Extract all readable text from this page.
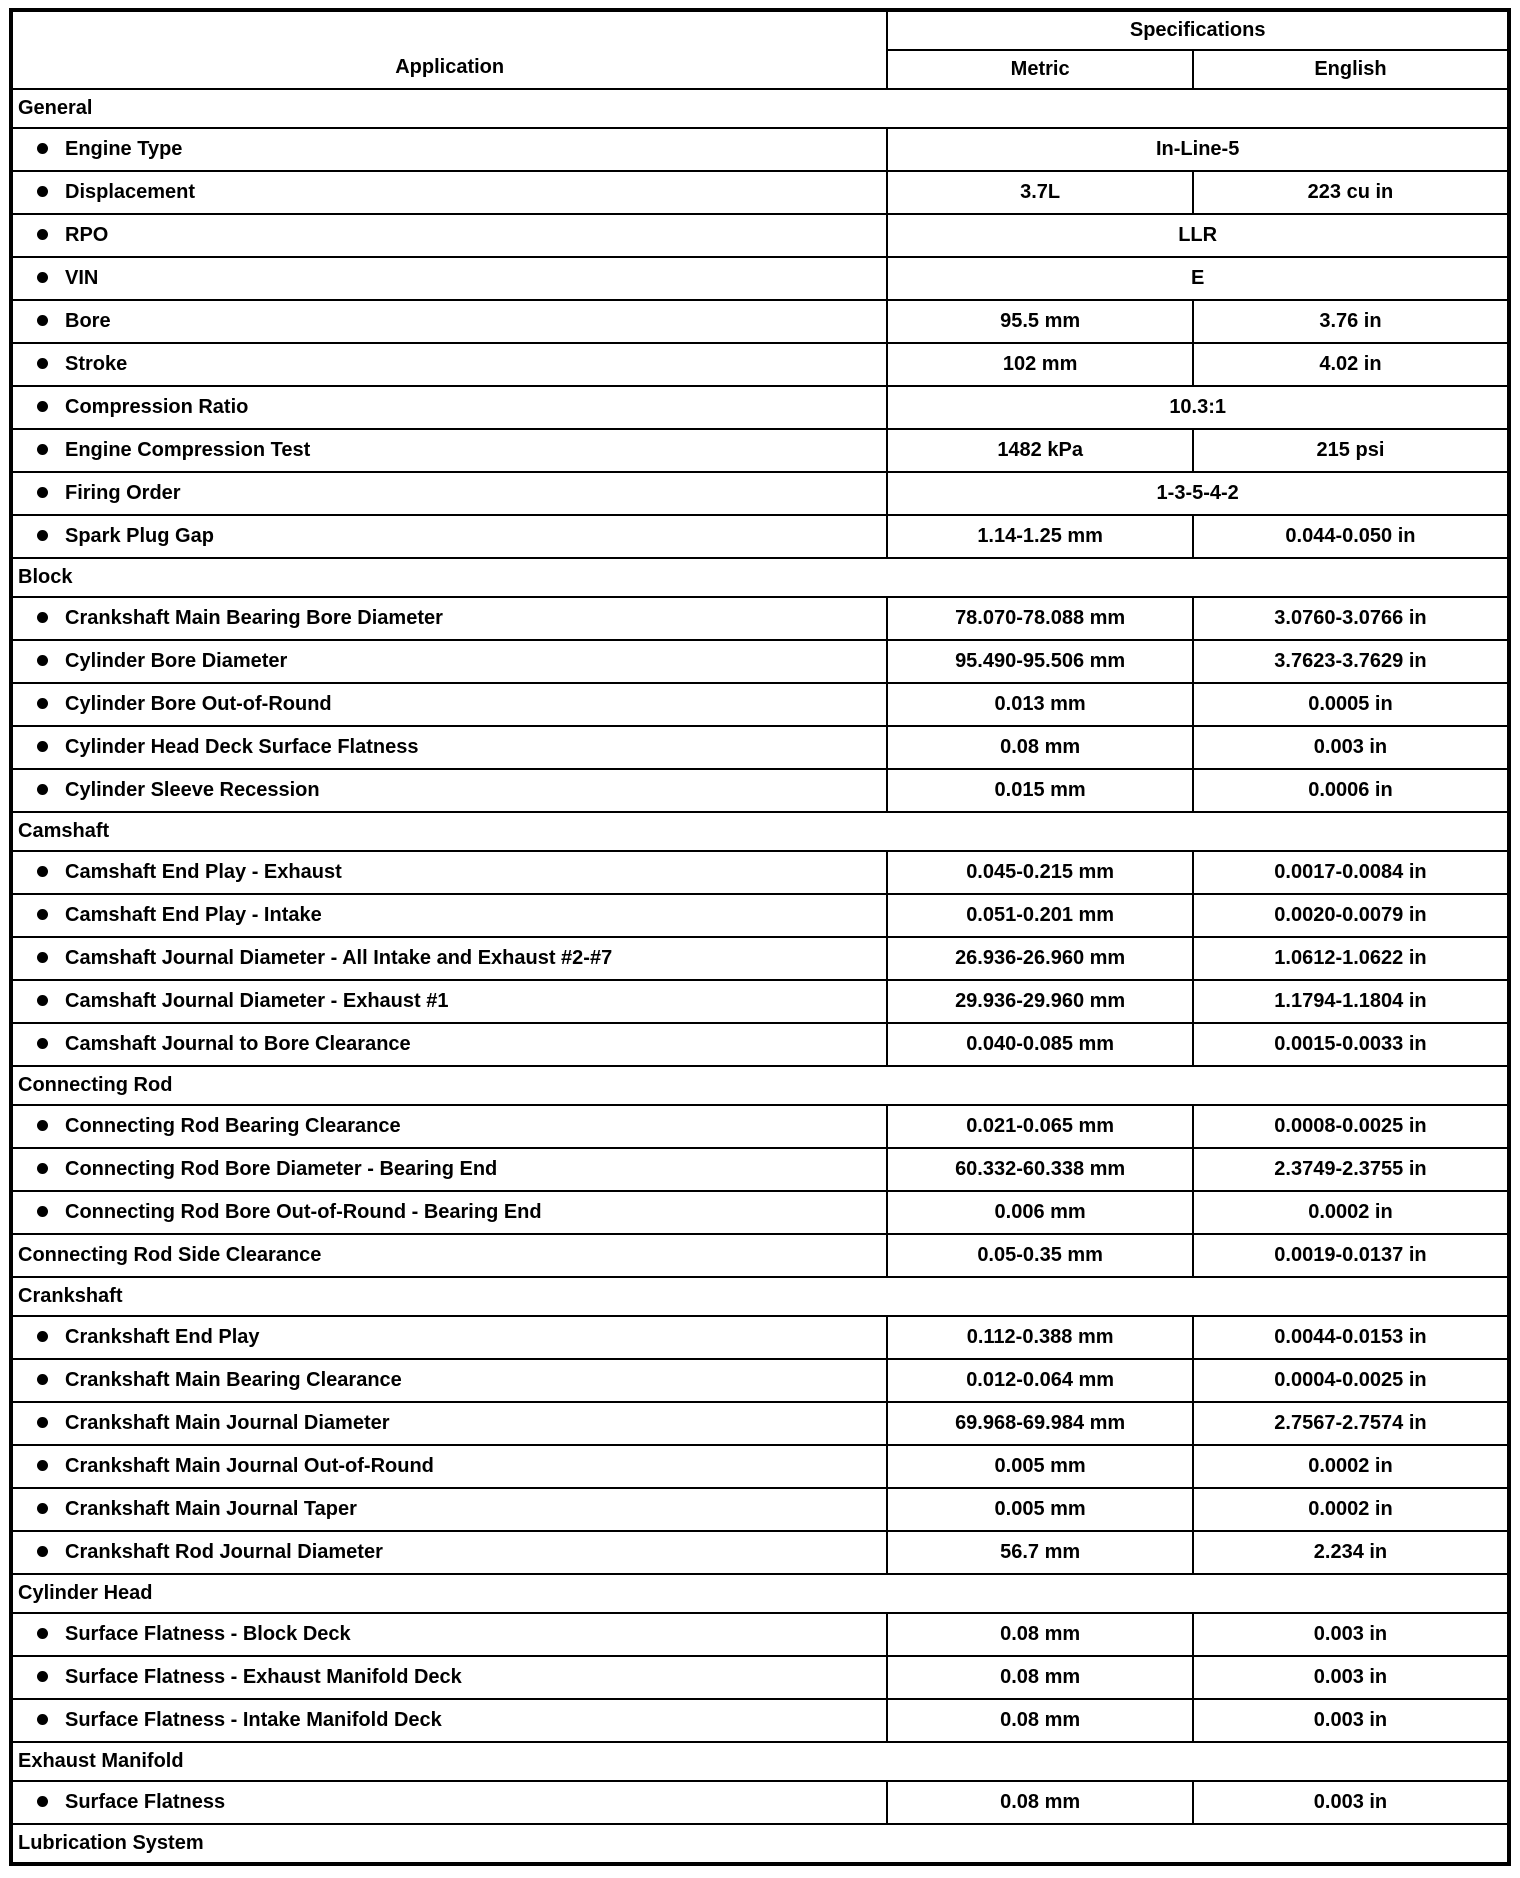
Application	Specifications	
	Metric	English
General		
Engine Type	In-Line-5	
Displacement	3.7L	223 cu in
RPO	LLR	
VIN	E	
Bore	95.5 mm	3.76 in
Stroke	102 mm	4.02 in
Compression Ratio	10.3:1	
Engine Compression Test	1482 kPa	215 psi
Firing Order	1-3-5-4-2	
Spark Plug Gap	1.14-1.25 mm	0.044-0.050 in
Block		
Crankshaft Main Bearing Bore Diameter	78.070-78.088 mm	3.0760-3.0766 in
Cylinder Bore Diameter	95.490-95.506 mm	3.7623-3.7629 in
Cylinder Bore Out-of-Round	0.013 mm	0.0005 in
Cylinder Head Deck Surface Flatness	0.08 mm	0.003 in
Cylinder Sleeve Recession	0.015 mm	0.0006 in
Camshaft		
Camshaft End Play - Exhaust	0.045-0.215 mm	0.0017-0.0084 in
Camshaft End Play - Intake	0.051-0.201 mm	0.0020-0.0079 in
Camshaft Journal Diameter - All Intake and Exhaust #2-#7	26.936-26.960 mm	1.0612-1.0622 in
Camshaft Journal Diameter - Exhaust #1	29.936-29.960 mm	1.1794-1.1804 in
Camshaft Journal to Bore Clearance	0.040-0.085 mm	0.0015-0.0033 in
Connecting Rod		
Connecting Rod Bearing Clearance	0.021-0.065 mm	0.0008-0.0025 in
Connecting Rod Bore Diameter - Bearing End	60.332-60.338 mm	2.3749-2.3755 in
Connecting Rod Bore Out-of-Round - Bearing End	0.006 mm	0.0002 in
Connecting Rod Side Clearance	0.05-0.35 mm	0.0019-0.0137 in
Crankshaft		
Crankshaft End Play	0.112-0.388 mm	0.0044-0.0153 in
Crankshaft Main Bearing Clearance	0.012-0.064 mm	0.0004-0.0025 in
Crankshaft Main Journal Diameter	69.968-69.984 mm	2.7567-2.7574 in
Crankshaft Main Journal Out-of-Round	0.005 mm	0.0002 in
Crankshaft Main Journal Taper	0.005 mm	0.0002 in
Crankshaft Rod Journal Diameter	56.7 mm	2.234 in
Cylinder Head		
Surface Flatness - Block Deck	0.08 mm	0.003 in
Surface Flatness - Exhaust Manifold Deck	0.08 mm	0.003 in
Surface Flatness - Intake Manifold Deck	0.08 mm	0.003 in
Exhaust Manifold		
Surface Flatness	0.08 mm	0.003 in
Lubrication System		
